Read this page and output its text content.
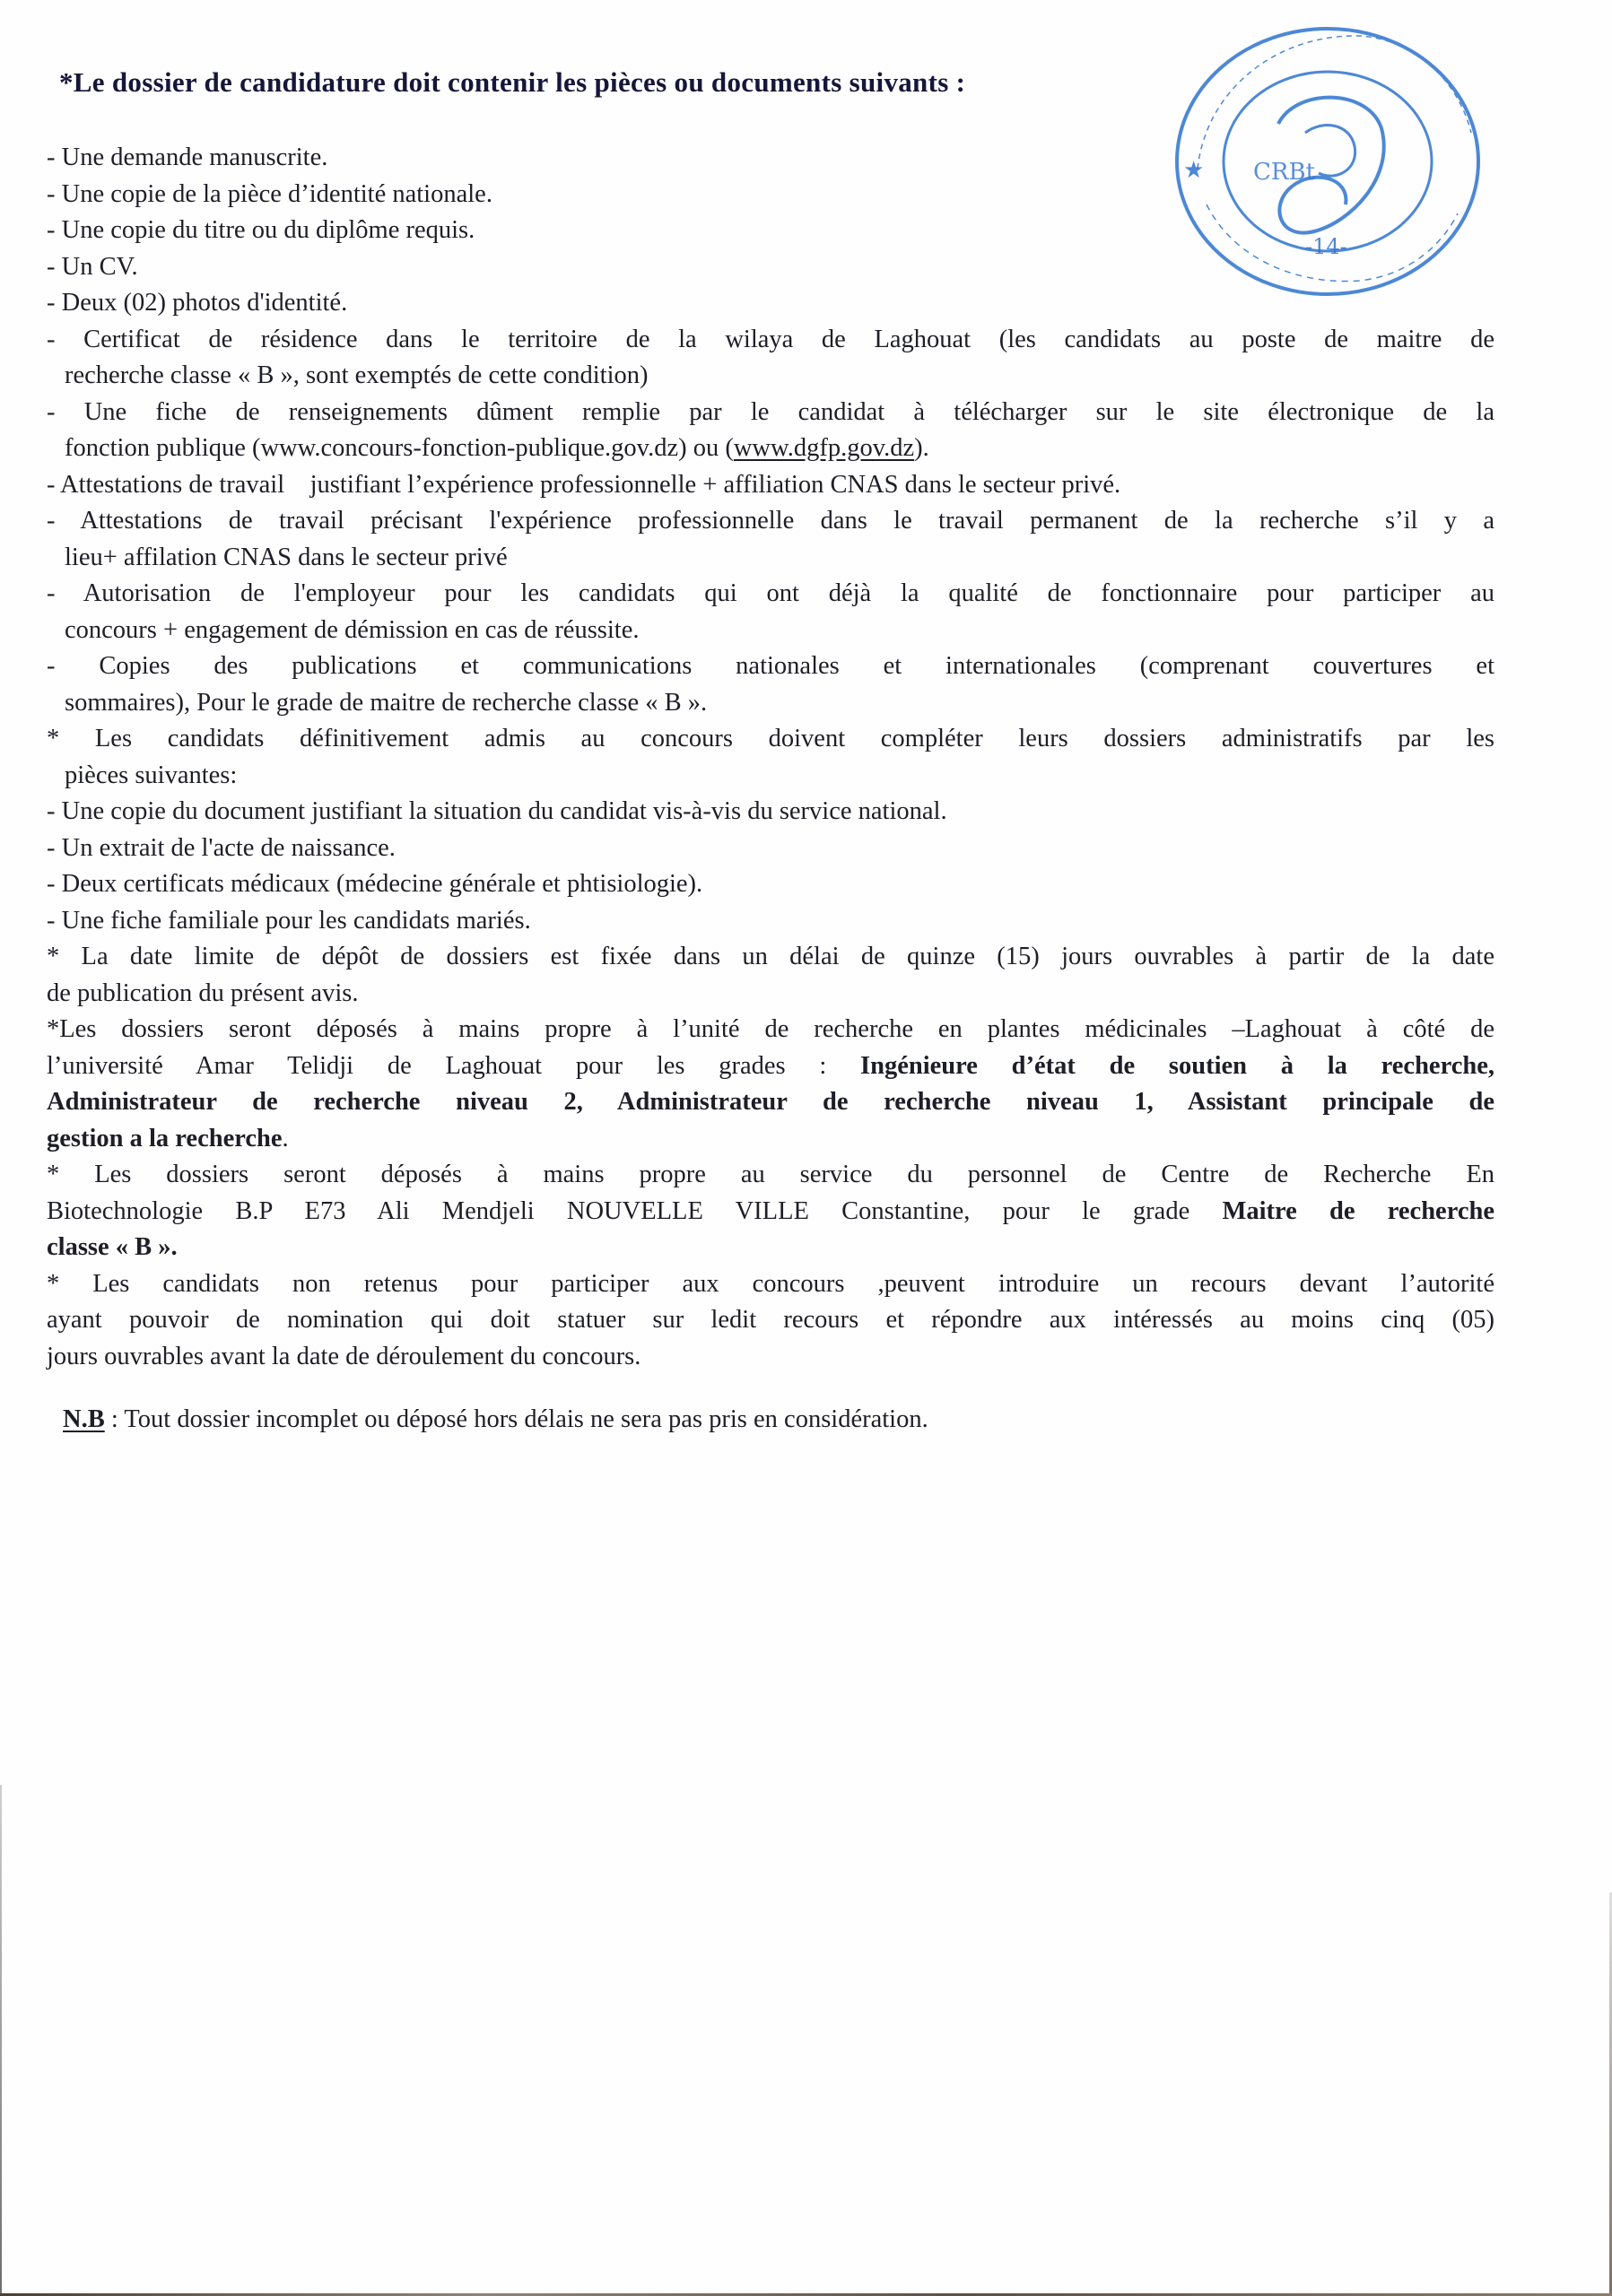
*Le dossier de candidature doit contenir les pièces ou documents suivants :
CRBt
-14-
★
- Une demande manuscrite.
- Une copie de la pièce d’identité nationale.
- Une copie du titre ou du diplôme requis.
- Un CV.
- Deux (02) photos d'identité.
- Certificat de résidence dans le territoire de la wilaya de Laghouat (les candidats au poste de maitre de
recherche classe « B », sont exemptés de cette condition)
- Une fiche de renseignements dûment remplie par le candidat à télécharger sur le site électronique de la
fonction publique (www.concours-fonction-publique.gov.dz) ou (www.dgfp.gov.dz).
- Attestations de travail    justifiant l’expérience professionnelle + affiliation CNAS dans le secteur privé.
- Attestations de travail précisant l'expérience professionnelle dans le travail permanent de la recherche s’il y a
lieu+ affilation CNAS dans le secteur privé
- Autorisation de l'employeur pour les candidats qui ont déjà la qualité de fonctionnaire pour participer au
concours + engagement de démission en cas de réussite.
- Copies des publications et communications nationales et internationales (comprenant couvertures et
sommaires), Pour le grade de maitre de recherche classe « B ».
* Les candidats définitivement admis au concours doivent compléter leurs dossiers administratifs par les
pièces suivantes:
- Une copie du document justifiant la situation du candidat vis-à-vis du service national.
- Un extrait de l'acte de naissance.
- Deux certificats médicaux (médecine générale et phtisiologie).
- Une fiche familiale pour les candidats mariés.
* La date limite de dépôt de dossiers est fixée dans un délai de quinze (15) jours ouvrables à partir de la date
de publication du présent avis.
*Les dossiers seront déposés à mains propre à l’unité de recherche en plantes médicinales –Laghouat à côté de
l’université Amar Telidji de Laghouat pour les grades : Ingénieure d’état de soutien à la recherche,
Administrateur de recherche niveau 2, Administrateur de recherche niveau 1, Assistant principale de
gestion a la recherche.
* Les dossiers seront déposés à mains propre au service du personnel de Centre de Recherche En
Biotechnologie B.P E73 Ali Mendjeli NOUVELLE VILLE Constantine, pour le grade Maitre de recherche
classe « B ».
* Les candidats non retenus pour participer aux concours ,peuvent introduire un recours devant l’autorité
ayant pouvoir de nomination qui doit statuer sur ledit recours et répondre aux intéressés au moins cinq (05)
jours ouvrables avant la date de déroulement du concours.
N.B : Tout dossier incomplet ou déposé hors délais ne sera pas pris en considération.
